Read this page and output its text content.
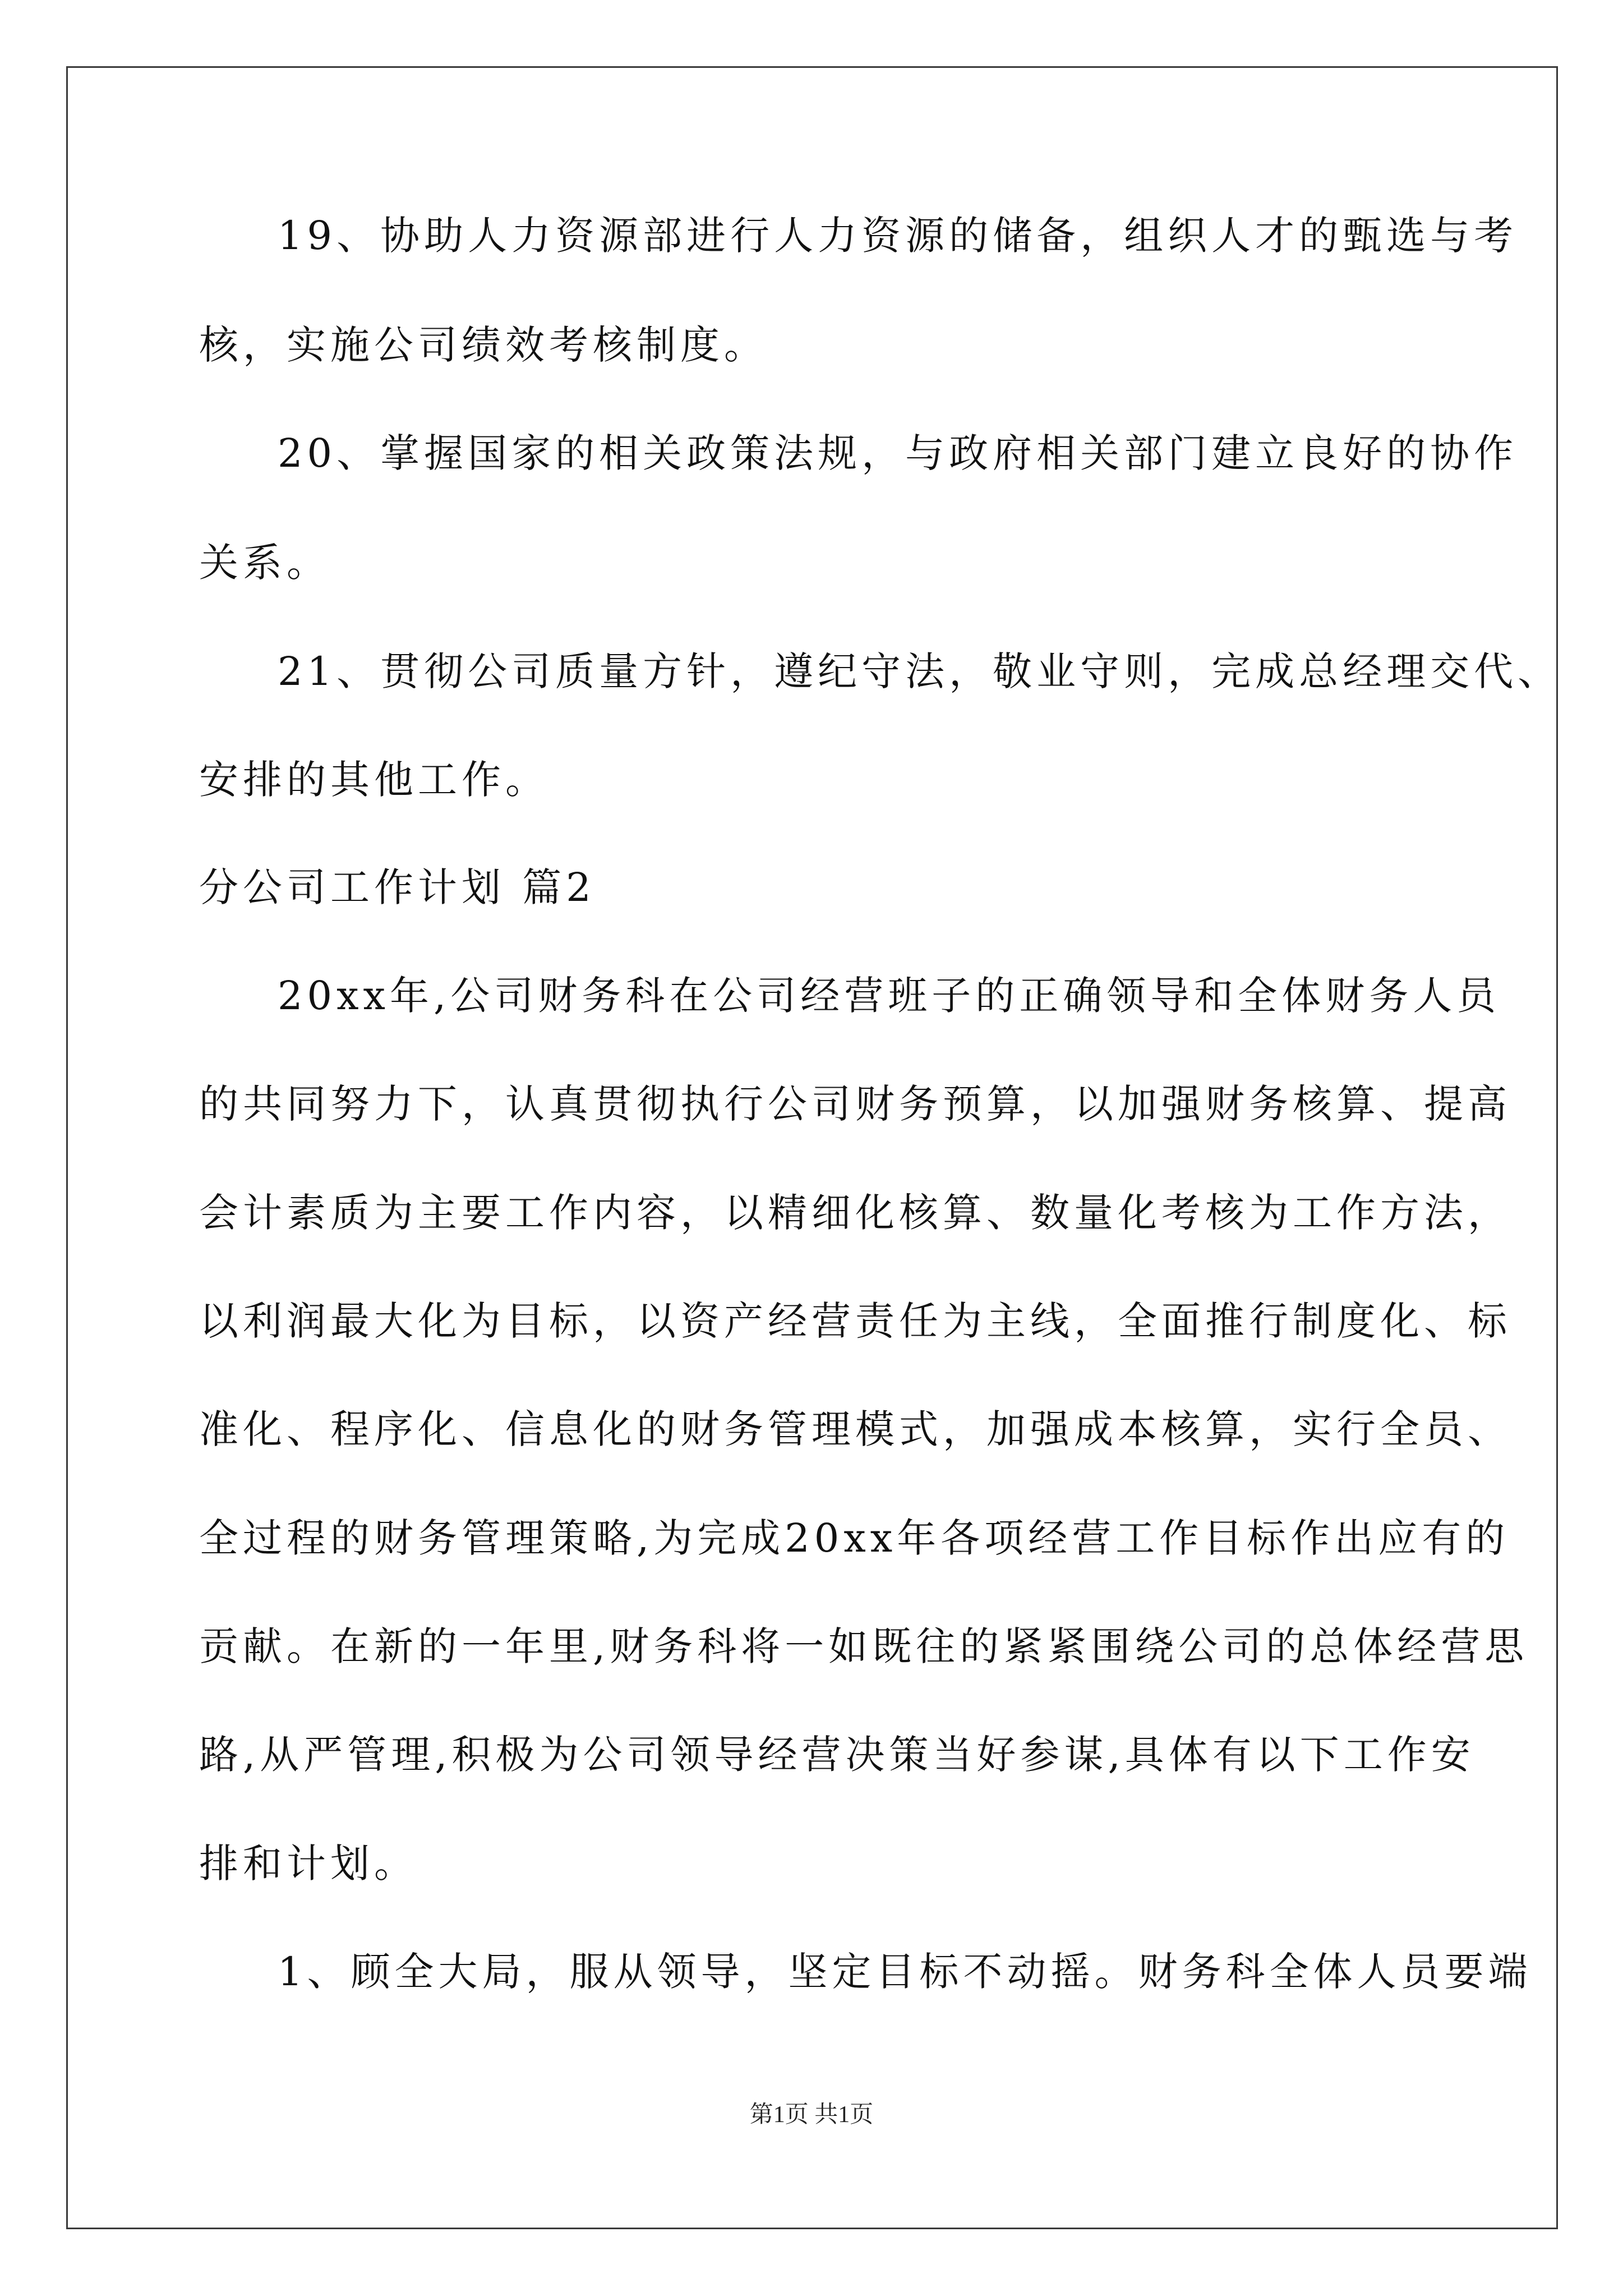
19、协助人力资源部进行人力资源的储备，组织人才的甄选与考
核，实施公司绩效考核制度。
20、掌握国家的相关政策法规，与政府相关部门建立良好的协作
关系。
21、贯彻公司质量方针，遵纪守法，敬业守则，完成总经理交代、
安排的其他工作。
分公司工作计划 篇2
20xx年,公司财务科在公司经营班子的正确领导和全体财务人员
的共同努力下，认真贯彻执行公司财务预算，以加强财务核算、提高
会计素质为主要工作内容，以精细化核算、数量化考核为工作方法，
以利润最大化为目标，以资产经营责任为主线，全面推行制度化、标
准化、程序化、信息化的财务管理模式，加强成本核算，实行全员、
全过程的财务管理策略,为完成20xx年各项经营工作目标作出应有的
贡献。在新的一年里,财务科将一如既往的紧紧围绕公司的总体经营思
路,从严管理,积极为公司领导经营决策当好参谋,具体有以下工作安
排和计划。
1、顾全大局，服从领导，坚定目标不动摇。财务科全体人员要端
第1页 共1页
